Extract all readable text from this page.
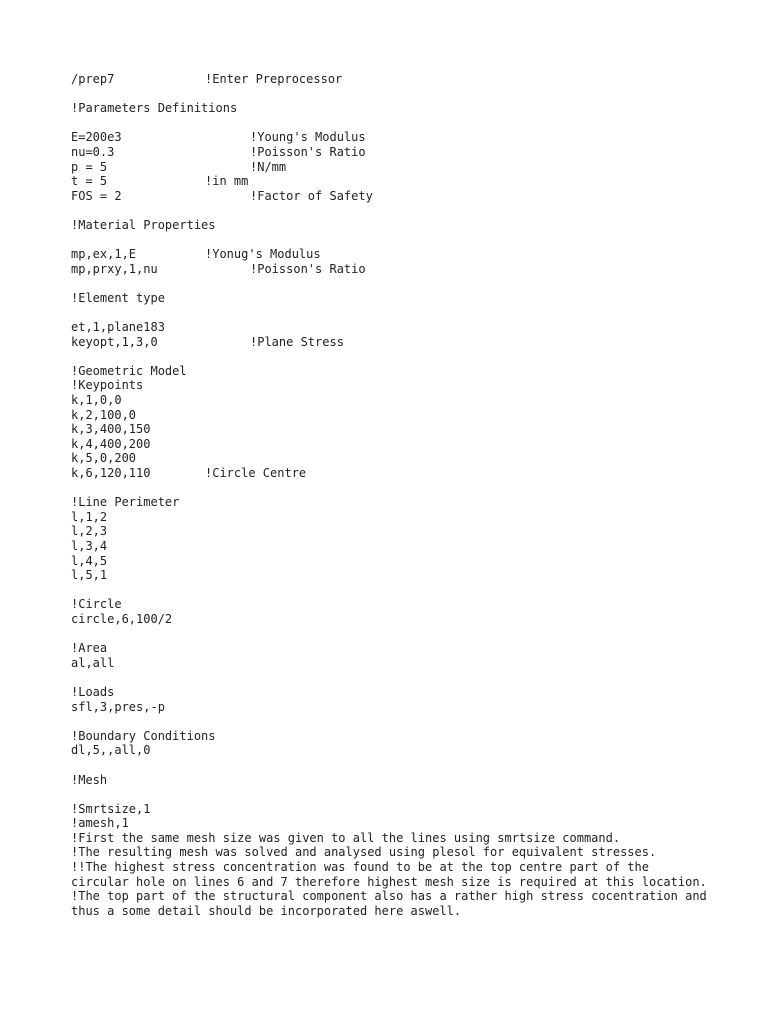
/prep7	!Enter Preprocessor
!Parameters Definitions
E=200e3	!Young's Modulus
nu=0.3	!Poisson's Ratio
p = 5	!N/mm
t = 5	!in mm
FOS = 2	!Factor of Safety
!Material Properties
mp,ex,1,E	!Yonug's Modulus
mp,prxy,1,nu	!Poisson's Ratio
!Element type
et,1,plane183
keyopt,1,3,0	!Plane Stress
!Geometric Model
!Keypoints
k,1,0,0
k,2,100,0
k,3,400,150
k,4,400,200
k,5,0,200
k,6,120,110	!Circle Centre
!Line Perimeter
l,1,2
l,2,3
l,3,4
l,4,5
l,5,1
!Circle
circle,6,100/2
!Area
al,all
!Loads
sfl,3,pres,-p
!Boundary Conditions
dl,5,,all,0
!Mesh
!Smrtsize,1
!amesh,1
!First the same mesh size was given to all the lines using smrtsize command.
!The resulting mesh was solved and analysed using plesol for equivalent stresses.
!!The highest stress concentration was found to be at the top centre part of the circular hole on lines 6 and 7 therefore highest mesh size is required at this location.
!The top part of the structural component also has a rather high stress cocentration and thus a some detail should be incorporated here aswell.
